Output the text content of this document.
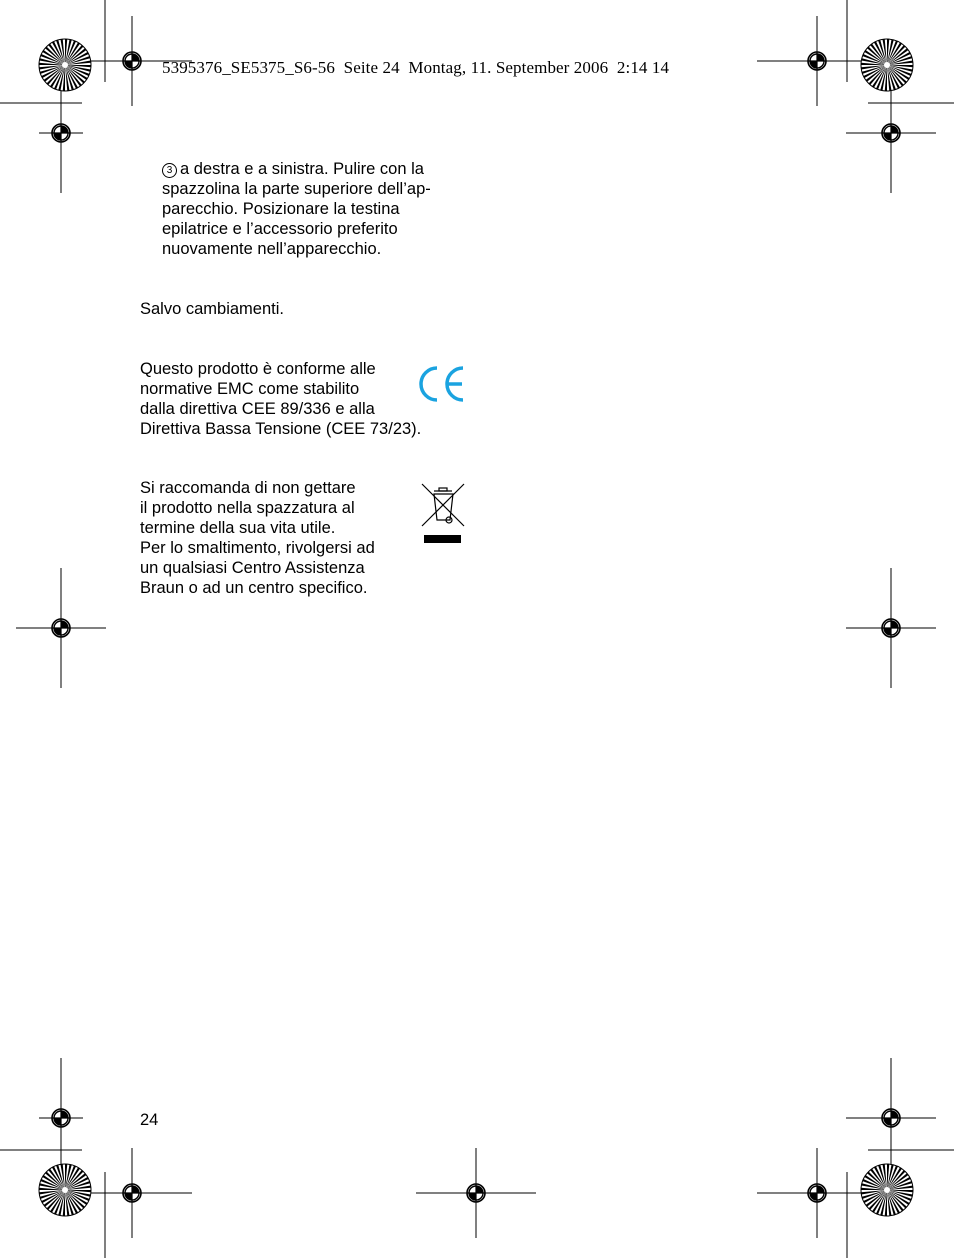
5395376_SE5375_S6-56  Seite 24  Montag, 11. September 2006  2:14 14
3 a destra e a sinistra. Pulire con la
spazzolina la parte superiore dell’ap-
parecchio. Posizionare la testina
epilatrice e l’accessorio preferito
nuovamente nell’apparecchio.
Salvo cambiamenti.
Questo prodotto è conforme alle
normative EMC come stabilito
dalla direttiva CEE 89/336 e alla
Direttiva Bassa Tensione (CEE 73/23).
Si raccomanda di non gettare
il prodotto nella spazzatura al
termine della sua vita utile.
Per lo smaltimento, rivolgersi ad
un qualsiasi Centro Assistenza
Braun o ad un centro specifico.
24
